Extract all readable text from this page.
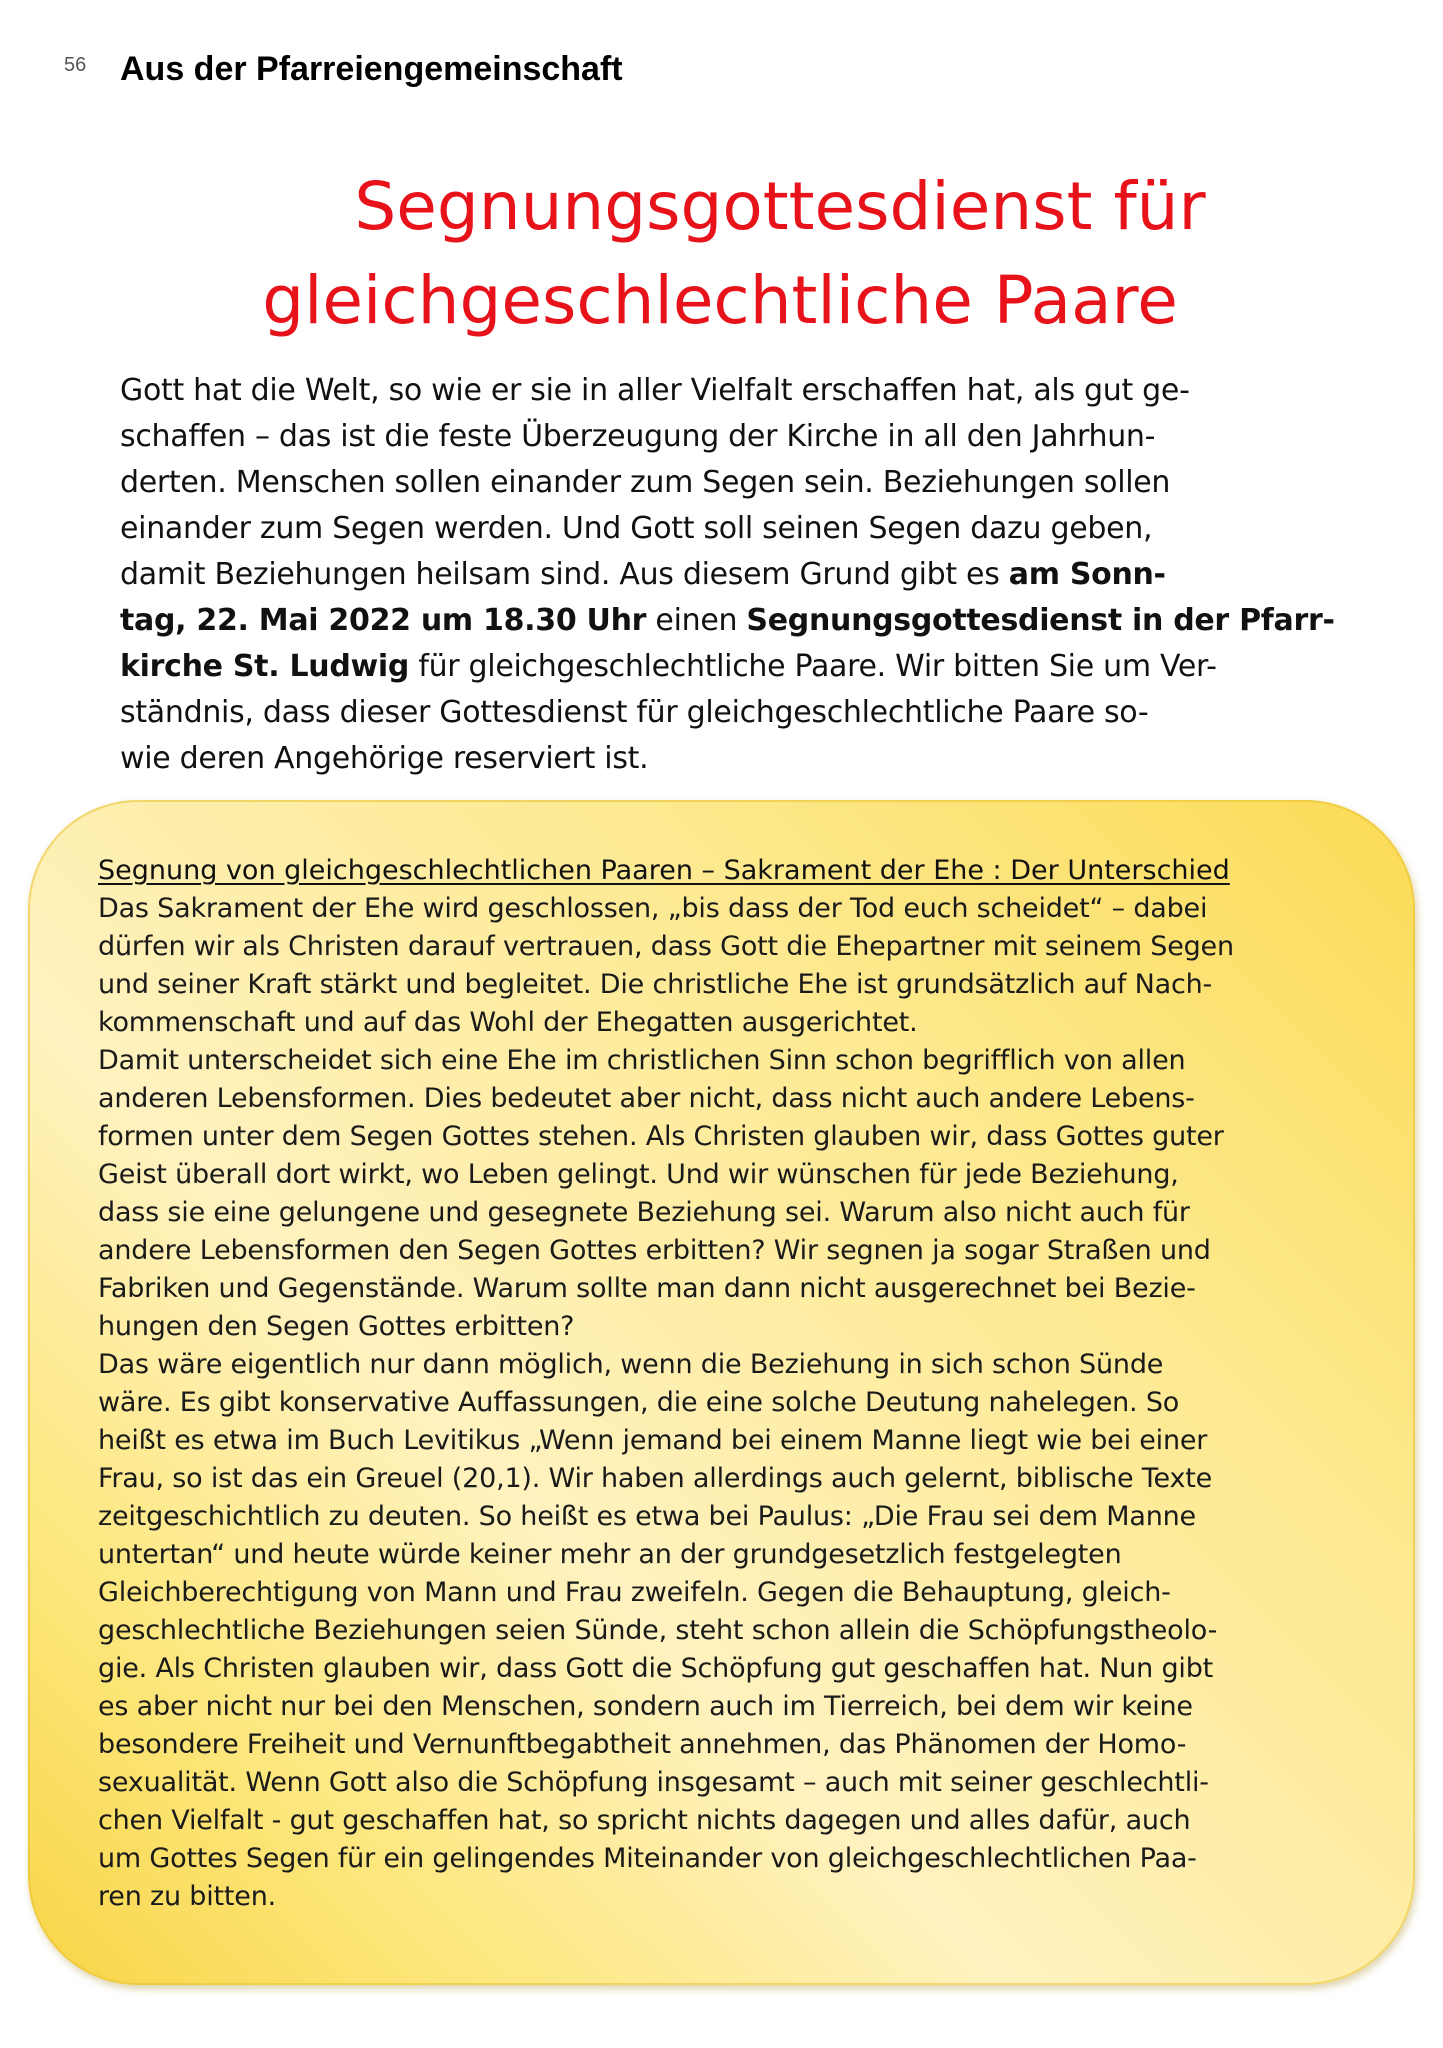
56 Aus der Pfarreiengemeinschaft
Segnungsgottesdienst für
gleichgeschlechtliche Paare
Gott hat die Welt, so wie er sie in aller Vielfalt erschaffen hat, als gut ge-
schaffen – das ist die feste Überzeugung der Kirche in all den Jahrhun-
derten. Menschen sollen einander zum Segen sein. Beziehungen sollen
einander zum Segen werden. Und Gott soll seinen Segen dazu geben,
damit Beziehungen heilsam sind. Aus diesem Grund gibt es am Sonn-
tag, 22. Mai 2022 um 18.30 Uhr einen Segnungsgottesdienst in der Pfarr-
kirche St. Ludwig für gleichgeschlechtliche Paare. Wir bitten Sie um Ver-
ständnis, dass dieser Gottesdienst für gleichgeschlechtliche Paare so-
wie deren Angehörige reserviert ist.
Segnung von gleichgeschlechtlichen Paaren – Sakrament der Ehe : Der Unterschied
Das Sakrament der Ehe wird geschlossen, „bis dass der Tod euch scheidet“ – dabei
dürfen wir als Christen darauf vertrauen, dass Gott die Ehepartner mit seinem Segen
und seiner Kraft stärkt und begleitet. Die christliche Ehe ist grundsätzlich auf Nach-
kommenschaft und auf das Wohl der Ehegatten ausgerichtet.
Damit unterscheidet sich eine Ehe im christlichen Sinn schon begrifflich von allen
anderen Lebensformen. Dies bedeutet aber nicht, dass nicht auch andere Lebens-
formen unter dem Segen Gottes stehen. Als Christen glauben wir, dass Gottes guter
Geist überall dort wirkt, wo Leben gelingt. Und wir wünschen für jede Beziehung,
dass sie eine gelungene und gesegnete Beziehung sei. Warum also nicht auch für
andere Lebensformen den Segen Gottes erbitten? Wir segnen ja sogar Straßen und
Fabriken und Gegenstände. Warum sollte man dann nicht ausgerechnet bei Bezie-
hungen den Segen Gottes erbitten?
Das wäre eigentlich nur dann möglich, wenn die Beziehung in sich schon Sünde
wäre. Es gibt konservative Auffassungen, die eine solche Deutung nahelegen. So
heißt es etwa im Buch Levitikus „Wenn jemand bei einem Manne liegt wie bei einer
Frau, so ist das ein Greuel (20,1). Wir haben allerdings auch gelernt, biblische Texte
zeitgeschichtlich zu deuten. So heißt es etwa bei Paulus: „Die Frau sei dem Manne
untertan“ und heute würde keiner mehr an der grundgesetzlich festgelegten
Gleichberechtigung von Mann und Frau zweifeln. Gegen die Behauptung, gleich-
geschlechtliche Beziehungen seien Sünde, steht schon allein die Schöpfungstheolo-
gie. Als Christen glauben wir, dass Gott die Schöpfung gut geschaffen hat. Nun gibt
es aber nicht nur bei den Menschen, sondern auch im Tierreich, bei dem wir keine
besondere Freiheit und Vernunftbegabtheit annehmen, das Phänomen der Homo-
sexualität. Wenn Gott also die Schöpfung insgesamt – auch mit seiner geschlechtli-
chen Vielfalt - gut geschaffen hat, so spricht nichts dagegen und alles dafür, auch
um Gottes Segen für ein gelingendes Miteinander von gleichgeschlechtlichen Paa-
ren zu bitten.
